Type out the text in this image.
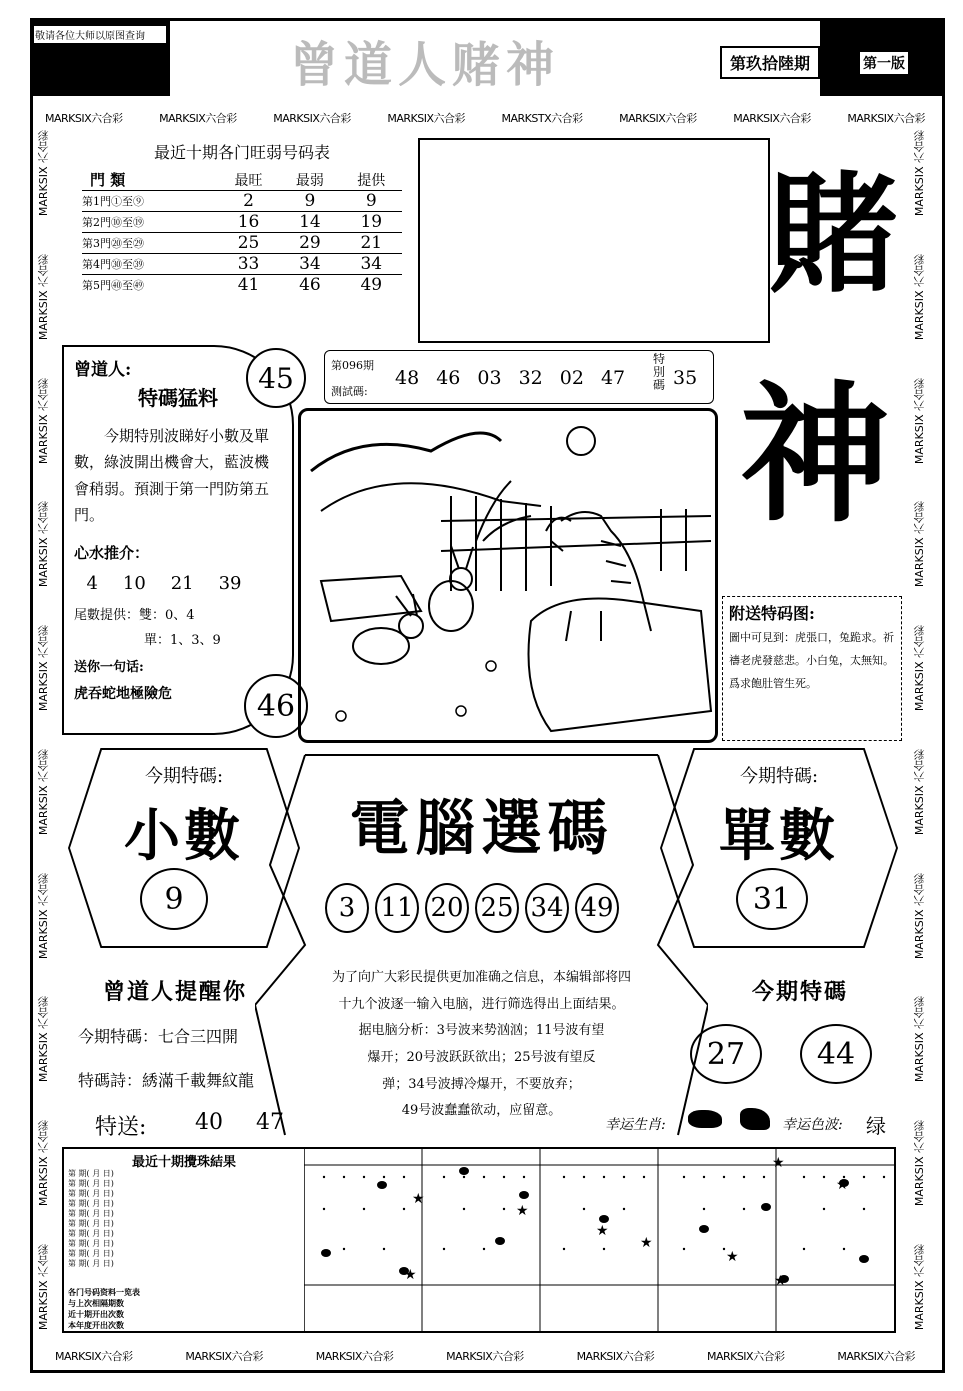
敬请各位大师以原图查询
曾道人赌神	第玖拾陸期	第一版
MARKSIX六合彩	MARKSIX六合彩	MARKSIX六合彩	MARKSIX六合彩	MARKSTX六合彩	MARKSIX六合彩	MARKSIX六合彩	MARKSIX六合彩
MARKSIX六合彩	MARKSIX六合彩	MARKSIX六合彩	MARKSIX六合彩	MARKSIX六合彩	MARKSIX六合彩	MARKSIX六合彩
MARKSIX 六合彩
MARKSIX 六合彩
MARKSIX 六合彩
MARKSIX 六合彩
MARKSIX 六合彩
MARKSIX 六合彩
MARKSIX 六合彩
MARKSIX 六合彩
MARKSIX 六合彩
MARKSIX 六合彩
MARKSIX 六合彩
MARKSIX 六合彩
MARKSIX 六合彩
MARKSIX 六合彩
MARKSIX 六合彩
MARKSIX 六合彩
MARKSIX 六合彩
MARKSIX 六合彩
MARKSIX 六合彩
MARKSIX 六合彩
最近十期各门旺弱号码表
門 類	最旺	最弱	提供
第1門①至⑨	2	9	9
第2門⑩至⑲	16	14	19
第3門⑳至㉙	25	29	21
第4門㉚至㊴	33	34	34
第5門㊵至㊾	41	46	49	賭
神
曾道人:
特碼猛料
今期特別波睇好小數及單數，綠波開出機會大，藍波機會稍弱。預測于第一門防第五門。
心水推介：
4 10 21 39
尾數提供：雙：0、4
單：1、3、9
送你一句话:
虎吞蛇地極險危
45
46
第096期
测試碼:
48 46 03 32 02 47
特別碼 35
附送特码图:
圖中可見到：虎張口，兔跪求。祈禱老虎發慈悲。小白兔，太無知。爲求飽肚管生死。
今期特碼:
小數
9
今期特碼:
單數
31
電腦選碼
3 11 20 25 34 49
为了向广大彩民提供更加准确之信息，本编辑部将四
十九个波逐一输入电脑，进行筛选得出上面结果。
据电脑分析：3号波来势汹汹；11号波有望
爆开；20号波跃跃欲出；25号波有望反
弹；34号波搏冷爆开，不要放弃；
49号波蠢蠢欲动，应留意。
曾道人提醒你
今期特碼：七合三四開
特碼詩：綉滿千載舞紋龍
特送: 40 47
今期特碼
27 44
幸运生肖:	幸运色波: 绿
最近十期攪珠結果
第 期( 月 日)
第 期( 月 日)
第 期( 月 日)
第 期( 月 日)
第 期( 月 日)
第 期( 月 日)
第 期( 月 日)
第 期( 月 日)
第 期( 月 日)
第 期( 月 日)
各门号码资料一览表
与上次相隔期数
近十期开出次数
本年度开出次数
★
★
★
★
★
★
★
★
★
